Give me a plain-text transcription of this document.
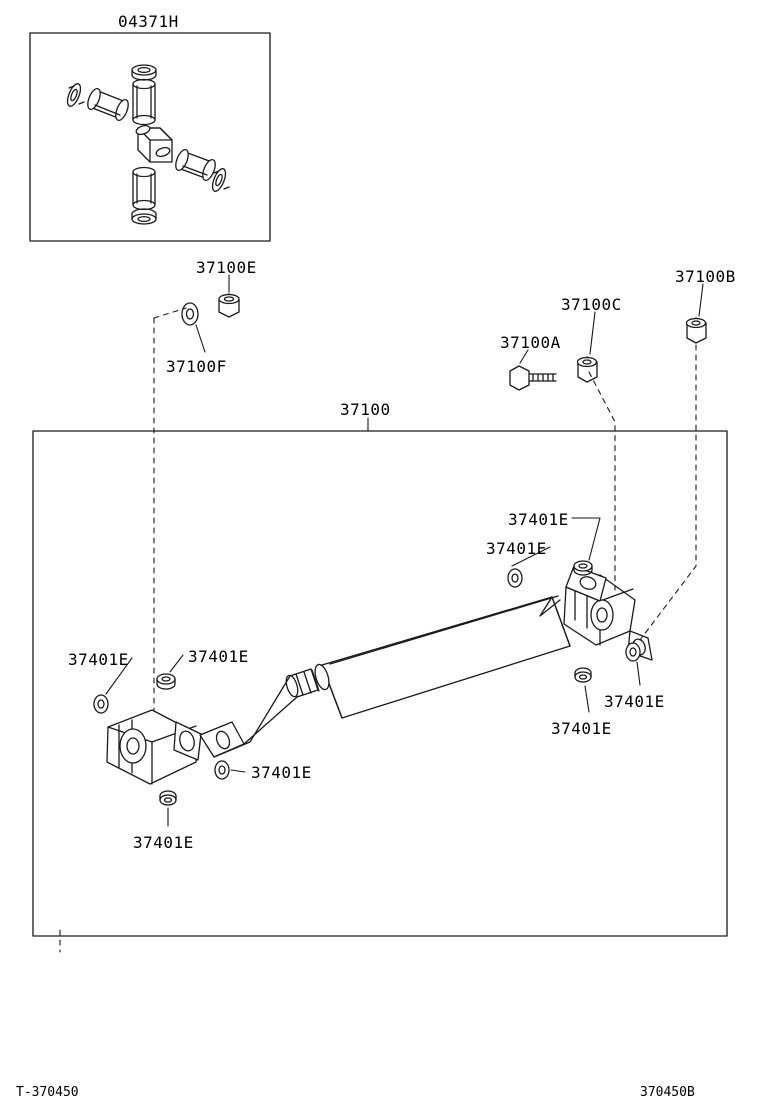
04371H
37100E
37100F
37100C
37100A
37100B
37100
37401E
37401E
37401E	37401E
37401E
37401E
37401E
37401E
T-370450	370450B
